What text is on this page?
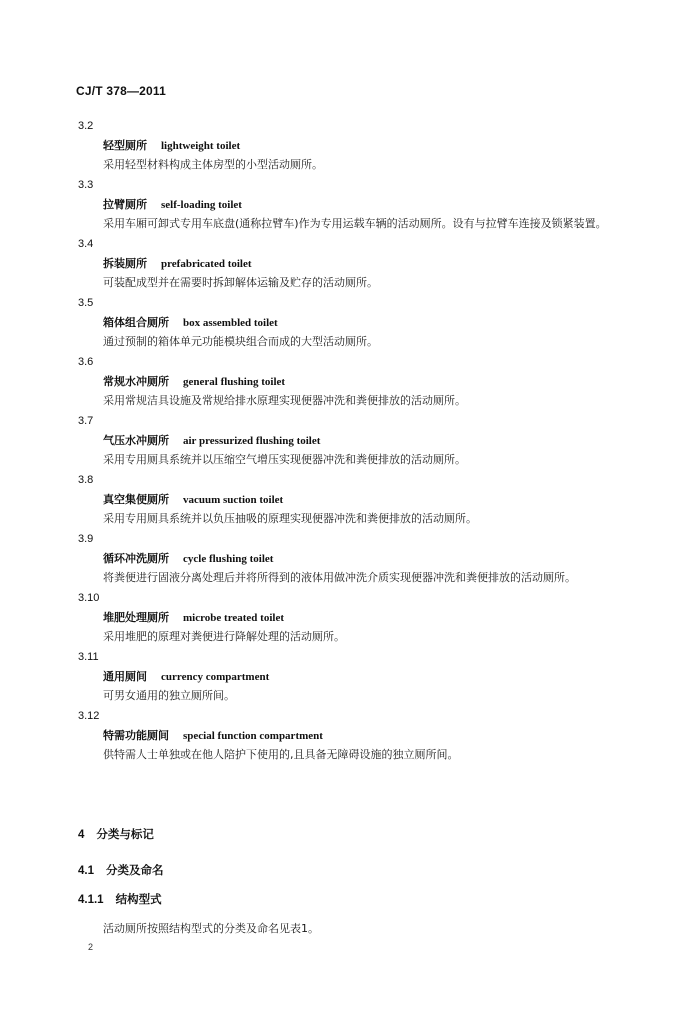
CJ/T 378—2011
3.2
轻型厕所 lightweight toilet
采用轻型材料构成主体房型的小型活动厕所。
3.3
拉臂厕所 self-loading toilet
采用车厢可卸式专用车底盘(通称拉臂车)作为专用运载车辆的活动厕所。设有与拉臂车连接及锁紧装置。
3.4
拆装厕所 prefabricated toilet
可装配成型并在需要时拆卸解体运输及贮存的活动厕所。
3.5
箱体组合厕所 box assembled toilet
通过预制的箱体单元功能模块组合而成的大型活动厕所。
3.6
常规水冲厕所 general flushing toilet
采用常规洁具设施及常规给排水原理实现便器冲洗和粪便排放的活动厕所。
3.7
气压水冲厕所 air pressurized flushing toilet
采用专用厕具系统并以压缩空气增压实现便器冲洗和粪便排放的活动厕所。
3.8
真空集便厕所 vacuum suction toilet
采用专用厕具系统并以负压抽吸的原理实现便器冲洗和粪便排放的活动厕所。
3.9
循环冲洗厕所 cycle flushing toilet
将粪便进行固液分离处理后并将所得到的液体用做冲洗介质实现便器冲洗和粪便排放的活动厕所。
3.10
堆肥处理厕所 microbe treated toilet
采用堆肥的原理对粪便进行降解处理的活动厕所。
3.11
通用厕间 currency compartment
可男女通用的独立厕所间。
3.12
特需功能厕间 special function compartment
供特需人士单独或在他人陪护下使用的,且具备无障碍设施的独立厕所间。
4 分类与标记
4.1 分类及命名
4.1.1 结构型式
活动厕所按照结构型式的分类及命名见表1。
2
